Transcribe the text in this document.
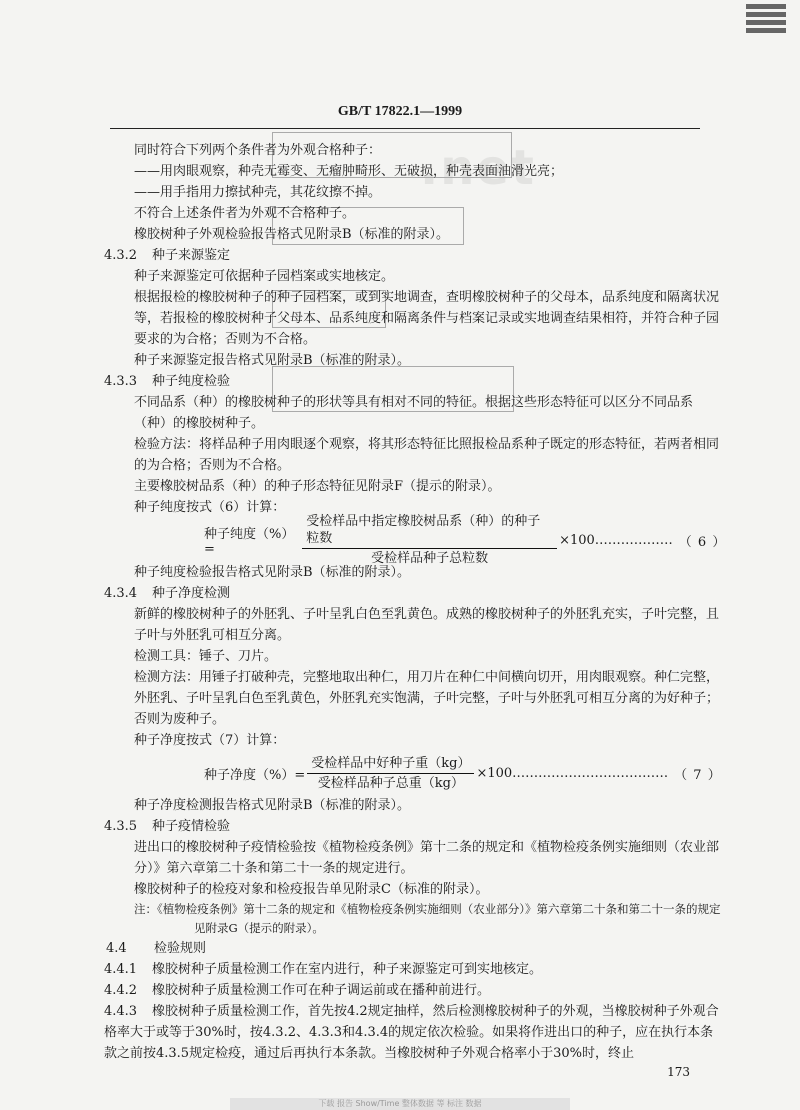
.net
GB/T 17822.1—1999
同时符合下列两个条件者为外观合格种子：
——用肉眼观察，种壳无霉变、无瘤肿畸形、无破损，种壳表面油滑光亮；
——用手指用力擦拭种壳，其花纹擦不掉。
不符合上述条件者为外观不合格种子。
橡胶树种子外观检验报告格式见附录B（标准的附录）。
4.3.2 种子来源鉴定
种子来源鉴定可依据种子园档案或实地核定。
根据报检的橡胶树种子的种子园档案，或到实地调查，查明橡胶树种子的父母本，品系纯度和隔离状况等，若报检的橡胶树种子父母本、品系纯度和隔离条件与档案记录或实地调查结果相符，并符合种子园要求的为合格；否则为不合格。
种子来源鉴定报告格式见附录B（标准的附录）。
4.3.3 种子纯度检验
不同品系（种）的橡胶树种子的形状等具有相对不同的特征。根据这些形态特征可以区分不同品系（种）的橡胶树种子。
检验方法：将样品种子用肉眼逐个观察，将其形态特征比照报检品系种子既定的形态特征，若两者相同的为合格；否则为不合格。
主要橡胶树品系（种）的种子形态特征见附录F（提示的附录）。
种子纯度按式（6）计算：
种子纯度（%）=	$\frac{\text{受检样品中指定橡胶树品系（种）的种子粒数}}{\text{受检样品种子总粒数}}$ ×100……………… （ 6 ）
种子纯度检验报告格式见附录B（标准的附录）。
4.3.4 种子净度检测
新鲜的橡胶树种子的外胚乳、子叶呈乳白色至乳黄色。成熟的橡胶树种子的外胚乳充实，子叶完整，且子叶与外胚乳可相互分离。
检测工具：锤子、刀片。
检测方法：用锤子打破种壳，完整地取出种仁，用刀片在种仁中间横向切开，用肉眼观察。种仁完整，外胚乳、子叶呈乳白色至乳黄色，外胚乳充实饱满，子叶完整，子叶与外胚乳可相互分离的为好种子；否则为废种子。
种子净度按式（7）计算：
种子净度（%）= $\frac{\text{受检样品中好种子重（kg）}}{\text{受检样品种子总重（kg）}}$ ×100……………………………… （ 7 ）
种子净度检测报告格式见附录B（标准的附录）。
4.3.5 种子疫情检验
进出口的橡胶树种子疫情检验按《植物检疫条例》第十二条的规定和《植物检疫条例实施细则（农业部分）》第六章第二十条和第二十一条的规定进行。
橡胶树种子的检疫对象和检疫报告单见附录C（标准的附录）。
注：《植物检疫条例》第十二条的规定和《植物检疫条例实施细则（农业部分）》第六章第二十条和第二十一条的规定
见附录G（提示的附录）。
4.4 检验规则
4.4.1 橡胶树种子质量检测工作在室内进行，种子来源鉴定可到实地核定。
4.4.2 橡胶树种子质量检测工作可在种子调运前或在播种前进行。
4.4.3 橡胶树种子质量检测工作，首先按4.2规定抽样，然后检测橡胶树种子的外观，当橡胶树种子外观合格率大于或等于30%时，按4.3.2、4.3.3和4.3.4的规定依次检验。如果将作进出口的种子，应在执行本条款之前按4.3.5规定检疫，通过后再执行本条款。当橡胶树种子外观合格率小于30%时，终止
173
下载 报告 Show/Time 整体数据 等 标注 数据
